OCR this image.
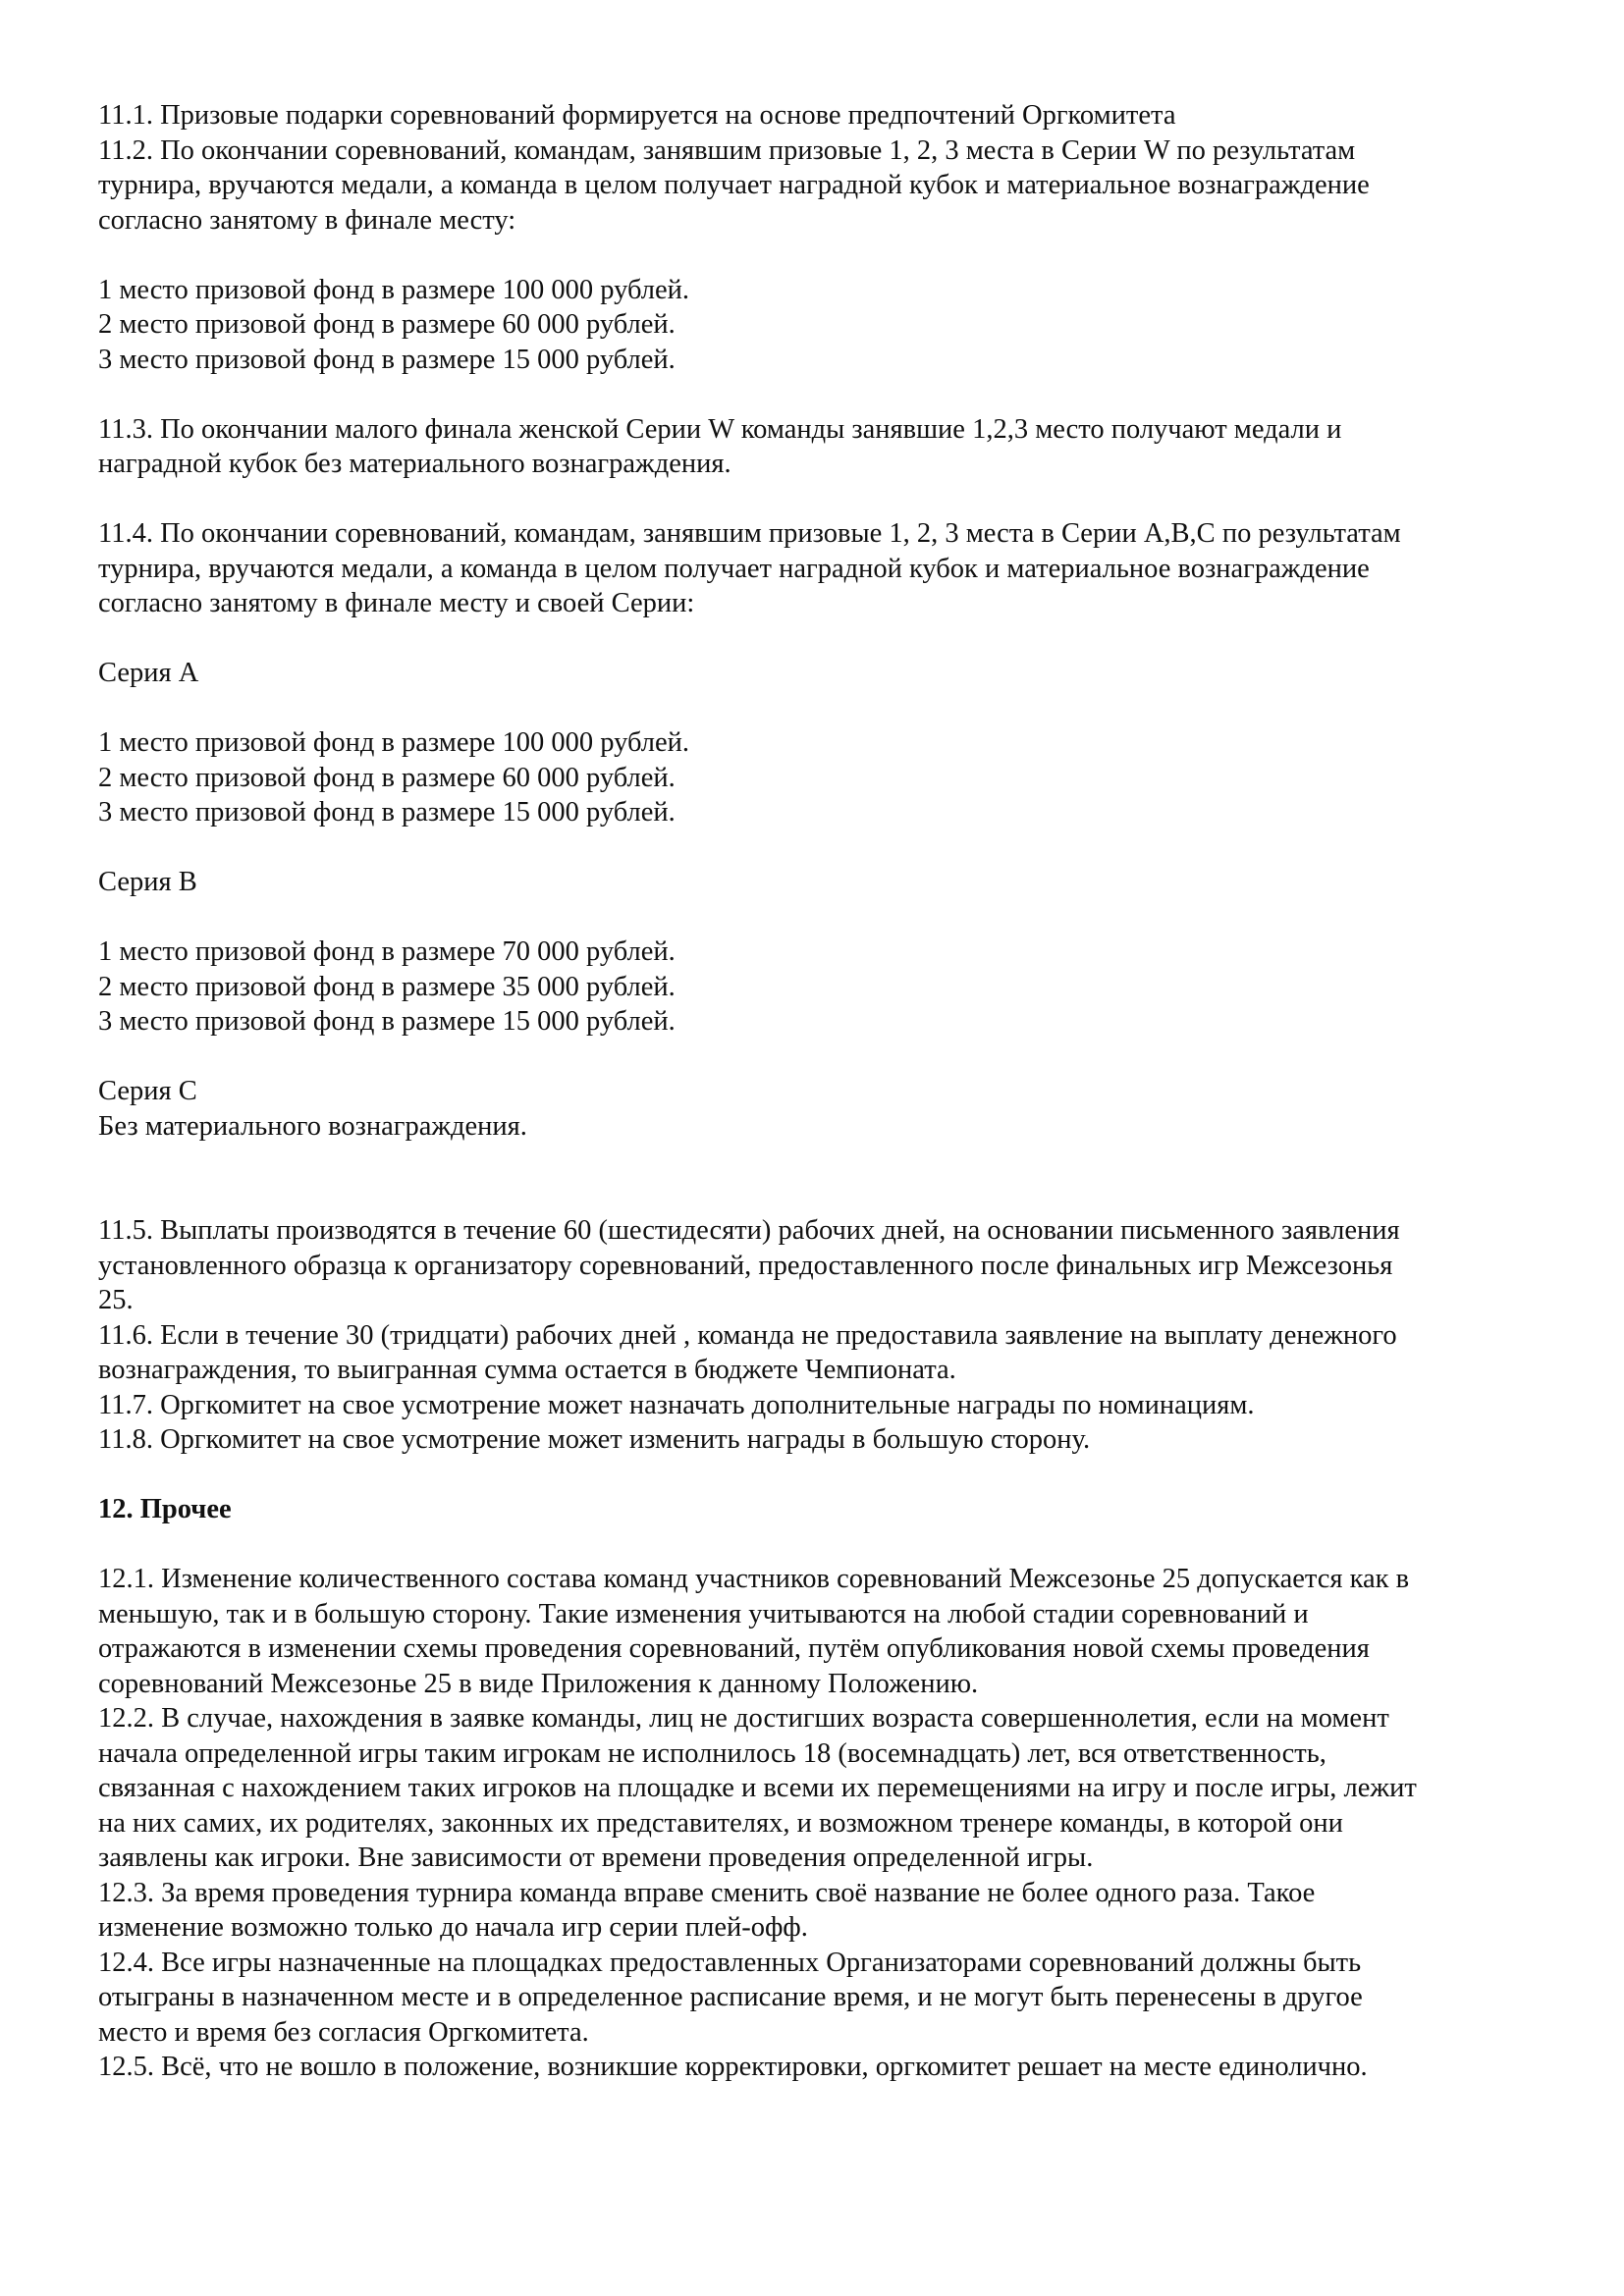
11.1. Призовые подарки соревнований формируется на основе предпочтений Оргкомитета
11.2. По окончании соревнований, командам, занявшим призовые 1, 2, 3 места в Серии W по результатам
турнира, вручаются медали, а команда в целом получает наградной кубок и материальное вознаграждение
согласно занятому в финале месту:
1 место призовой фонд в размере 100 000 рублей.
2 место призовой фонд в размере 60 000 рублей.
3 место призовой фонд в размере 15 000 рублей.
11.3. По окончании малого финала женской Серии W команды занявшие 1,2,3 место получают медали и
наградной кубок без материального вознаграждения.
11.4. По окончании соревнований, командам, занявшим призовые 1, 2, 3 места в Серии A,B,C по результатам
турнира, вручаются медали, а команда в целом получает наградной кубок и материальное вознаграждение
согласно занятому в финале месту и своей Серии:
Серия А
1 место призовой фонд в размере 100 000 рублей.
2 место призовой фонд в размере 60 000 рублей.
3 место призовой фонд в размере 15 000 рублей.
Серия В
1 место призовой фонд в размере 70 000 рублей.
2 место призовой фонд в размере 35 000 рублей.
3 место призовой фонд в размере 15 000 рублей.
Серия С
Без материального вознаграждения.
11.5. Выплаты производятся в течение 60 (шестидесяти) рабочих дней, на основании письменного заявления
установленного образца к организатору соревнований, предоставленного после финальных игр Межсезонья
25.
11.6. Если в течение 30 (тридцати) рабочих дней , команда не предоставила заявление на выплату денежного
вознаграждения, то выигранная сумма остается в бюджете Чемпионата.
11.7. Оргкомитет на свое усмотрение может назначать дополнительные награды по номинациям.
11.8. Оргкомитет на свое усмотрение может изменить награды в большую сторону.
12. Прочее
12.1. Изменение количественного состава команд участников соревнований Межсезонье 25 допускается как в
меньшую, так и в большую сторону. Такие изменения учитываются на любой стадии соревнований и
отражаются в изменении схемы проведения соревнований, путём опубликования новой схемы проведения
соревнований Межсезонье 25 в виде Приложения к данному Положению.
12.2. В случае, нахождения в заявке команды, лиц не достигших возраста совершеннолетия, если на момент
начала определенной игры таким игрокам не исполнилось 18 (восемнадцать) лет, вся ответственность,
связанная с нахождением таких игроков на площадке и всеми их перемещениями на игру и после игры, лежит
на них самих, их родителях, законных их представителях, и возможном тренере команды, в которой они
заявлены как игроки. Вне зависимости от времени проведения определенной игры.
12.3. За время проведения турнира команда вправе сменить своё название не более одного раза. Такое
изменение возможно только до начала игр серии плей-офф.
12.4. Все игры назначенные на площадках предоставленных Организаторами соревнований должны быть
отыграны в назначенном месте и в определенное расписание время, и не могут быть перенесены в другое
место и время без согласия Оргкомитета.
12.5. Всё, что не вошло в положение, возникшие корректировки, оргкомитет решает на месте единолично.
